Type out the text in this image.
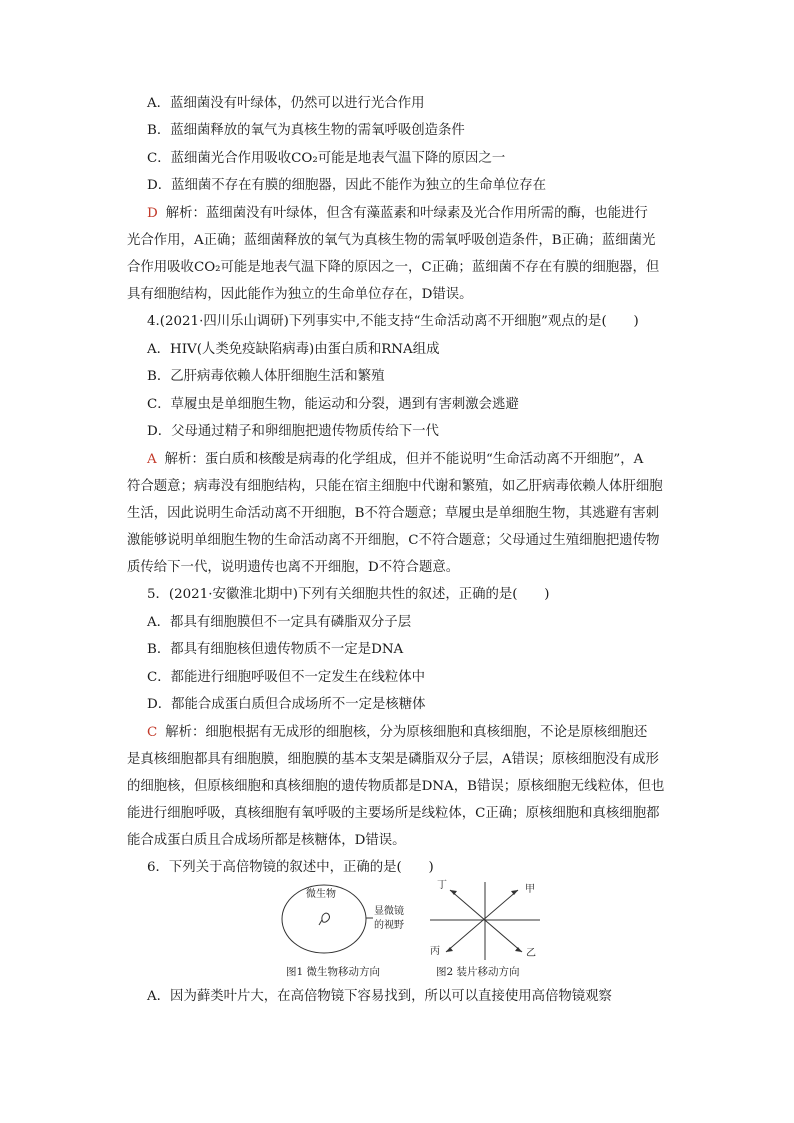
A．蓝细菌没有叶绿体，仍然可以进行光合作用
B．蓝细菌释放的氧气为真核生物的需氧呼吸创造条件
C．蓝细菌光合作用吸收CO₂可能是地表气温下降的原因之一
D．蓝细菌不存在有膜的细胞器，因此不能作为独立的生命单位存在
D 解析：蓝细菌没有叶绿体，但含有藻蓝素和叶绿素及光合作用所需的酶，也能进行
光合作用，A正确；蓝细菌释放的氧气为真核生物的需氧呼吸创造条件，B正确；蓝细菌光
合作用吸收CO₂可能是地表气温下降的原因之一，C正确；蓝细菌不存在有膜的细胞器，但
具有细胞结构，因此能作为独立的生命单位存在，D错误。
4.(2021·四川乐山调研)下列事实中,不能支持“生命活动离不开细胞”观点的是(　　)
A．HIV(人类免疫缺陷病毒)由蛋白质和RNA组成
B．乙肝病毒依赖人体肝细胞生活和繁殖
C．草履虫是单细胞生物，能运动和分裂，遇到有害刺激会逃避
D．父母通过精子和卵细胞把遗传物质传给下一代
A 解析：蛋白质和核酸是病毒的化学组成，但并不能说明“生命活动离不开细胞”，A
符合题意；病毒没有细胞结构，只能在宿主细胞中代谢和繁殖，如乙肝病毒依赖人体肝细胞
生活，因此说明生命活动离不开细胞，B不符合题意；草履虫是单细胞生物，其逃避有害刺
激能够说明单细胞生物的生命活动离不开细胞，C不符合题意；父母通过生殖细胞把遗传物
质传给下一代，说明遗传也离不开细胞，D不符合题意。
5．(2021·安徽淮北期中)下列有关细胞共性的叙述，正确的是(　　)
A．都具有细胞膜但不一定具有磷脂双分子层
B．都具有细胞核但遗传物质不一定是DNA
C．都能进行细胞呼吸但不一定发生在线粒体中
D．都能合成蛋白质但合成场所不一定是核糖体
C 解析：细胞根据有无成形的细胞核，分为原核细胞和真核细胞，不论是原核细胞还
是真核细胞都具有细胞膜，细胞膜的基本支架是磷脂双分子层，A错误；原核细胞没有成形
的细胞核，但原核细胞和真核细胞的遗传物质都是DNA，B错误；原核细胞无线粒体，但也
能进行细胞呼吸，真核细胞有氧呼吸的主要场所是线粒体，C正确；原核细胞和真核细胞都
能合成蛋白质且合成场所都是核糖体，D错误。
6．下列关于高倍物镜的叙述中，正确的是(　　)
微生物
显微镜
的视野
图1 微生物移动方向
丁	甲
丙	乙
图2 装片移动方向
A．因为藓类叶片大，在高倍物镜下容易找到，所以可以直接使用高倍物镜观察
